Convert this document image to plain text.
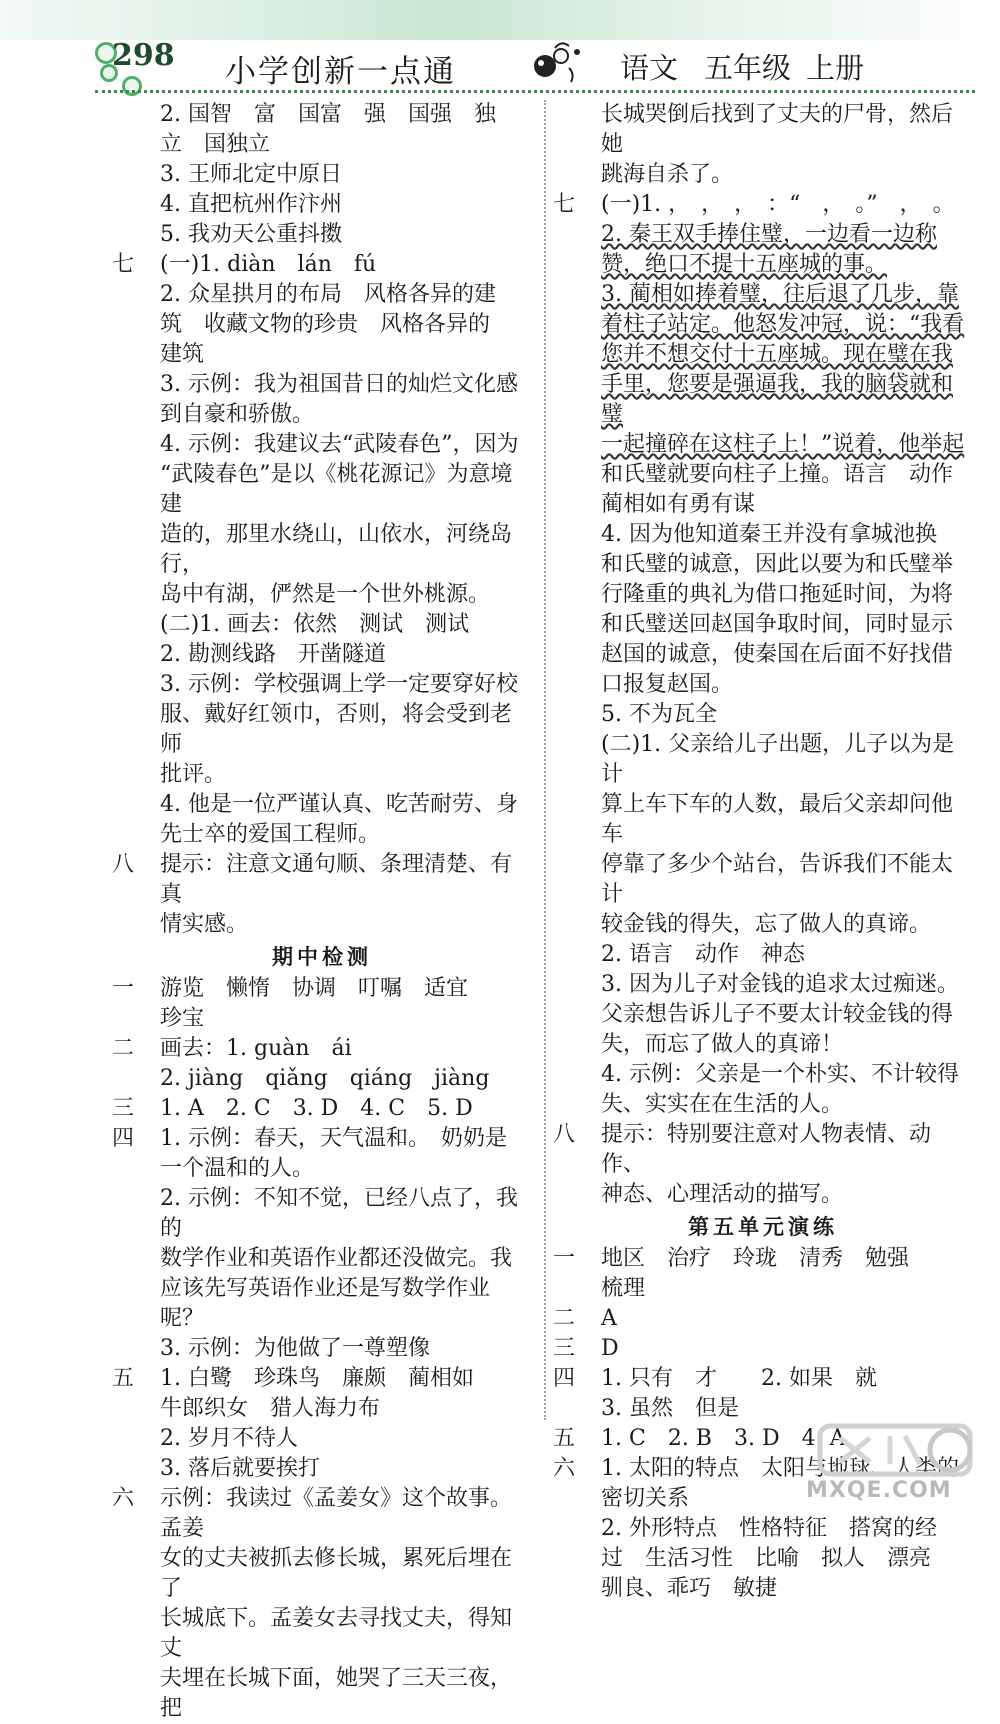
298 小学创新一点通	语文 五年级 上册
2. 国智　富　国富　强　国强　独
立　国独立
3. 王师北定中原日
4. 直把杭州作汴州
5. 我劝天公重抖擞
七	(一)1. diàn　lán　fú
2. 众星拱月的布局　风格各异的建
筑　收藏文物的珍贵　风格各异的
建筑
3. 示例：我为祖国昔日的灿烂文化感
到自豪和骄傲。
4. 示例：我建议去“武陵春色”，因为
“武陵春色”是以《桃花源记》为意境建
造的，那里水绕山，山依水，河绕岛行，
岛中有湖，俨然是一个世外桃源。
(二)1. 画去：依然　测试　测试
2. 勘测线路　开凿隧道
3. 示例：学校强调上学一定要穿好校
服、戴好红领巾，否则，将会受到老师
批评。
4. 他是一位严谨认真、吃苦耐劳、身
先士卒的爱国工程师。
八	提示：注意文通句顺、条理清楚、有真
情实感。
期中检测
一	游览　懒惰　协调　叮嘱　适宜
珍宝
二	画去：1. guàn　ái
2. jiàng　qiǎng　qiáng　jiàng
三	1. A　2. C　3. D　4. C　5. D
四	1. 示例：春天，天气温和。　奶奶是
一个温和的人。
2. 示例：不知不觉，已经八点了，我的
数学作业和英语作业都还没做完。我
应该先写英语作业还是写数学作业呢？
3. 示例：为他做了一尊塑像
五	1. 白鹭　珍珠鸟　廉颇　蔺相如
牛郎织女　猎人海力布
2. 岁月不待人
3. 落后就要挨打
六	示例：我读过《孟姜女》这个故事。孟姜
女的丈夫被抓去修长城，累死后埋在了
长城底下。孟姜女去寻找丈夫，得知丈
夫埋在长城下面，她哭了三天三夜，把
长城哭倒后找到了丈夫的尸骨，然后她
跳海自杀了。
七	(一)1. ，　，　，　：“　，　。”　，　。
2. 秦王双手捧住璧，一边看一边称
赞，绝口不提十五座城的事。
3. 蔺相如捧着璧，往后退了几步，靠
着柱子站定。他怒发冲冠，说：“我看
您并不想交付十五座城。现在璧在我
手里，您要是强逼我，我的脑袋就和璧
一起撞碎在这柱子上！”说着，他举起
和氏璧就要向柱子上撞。语言　动作
蔺相如有勇有谋
4. 因为他知道秦王并没有拿城池换
和氏璧的诚意，因此以要为和氏璧举
行隆重的典礼为借口拖延时间，为将
和氏璧送回赵国争取时间，同时显示
赵国的诚意，使秦国在后面不好找借
口报复赵国。
5. 不为瓦全
(二)1. 父亲给儿子出题，儿子以为是计
算上车下车的人数，最后父亲却问他车
停靠了多少个站台，告诉我们不能太计
较金钱的得失，忘了做人的真谛。
2. 语言　动作　神态
3. 因为儿子对金钱的追求太过痴迷。
父亲想告诉儿子不要太计较金钱的得
失，而忘了做人的真谛！
4. 示例：父亲是一个朴实、不计较得
失、实实在在生活的人。
八	提示：特别要注意对人物表情、动作、
神态、心理活动的描写。
第五单元演练
一	地区　治疗　玲珑　清秀　勉强
梳理
二	A
三	D
四	1. 只有　才　　2. 如果　就
3. 虽然　但是
五	1. C　2. B　3. D　4. A
六	1. 太阳的特点　太阳与地球、人类的
密切关系
2. 外形特点　性格特征　搭窝的经
过　生活习性　比喻　拟人　漂亮
驯良、乖巧　敏捷
MXQE.COM
